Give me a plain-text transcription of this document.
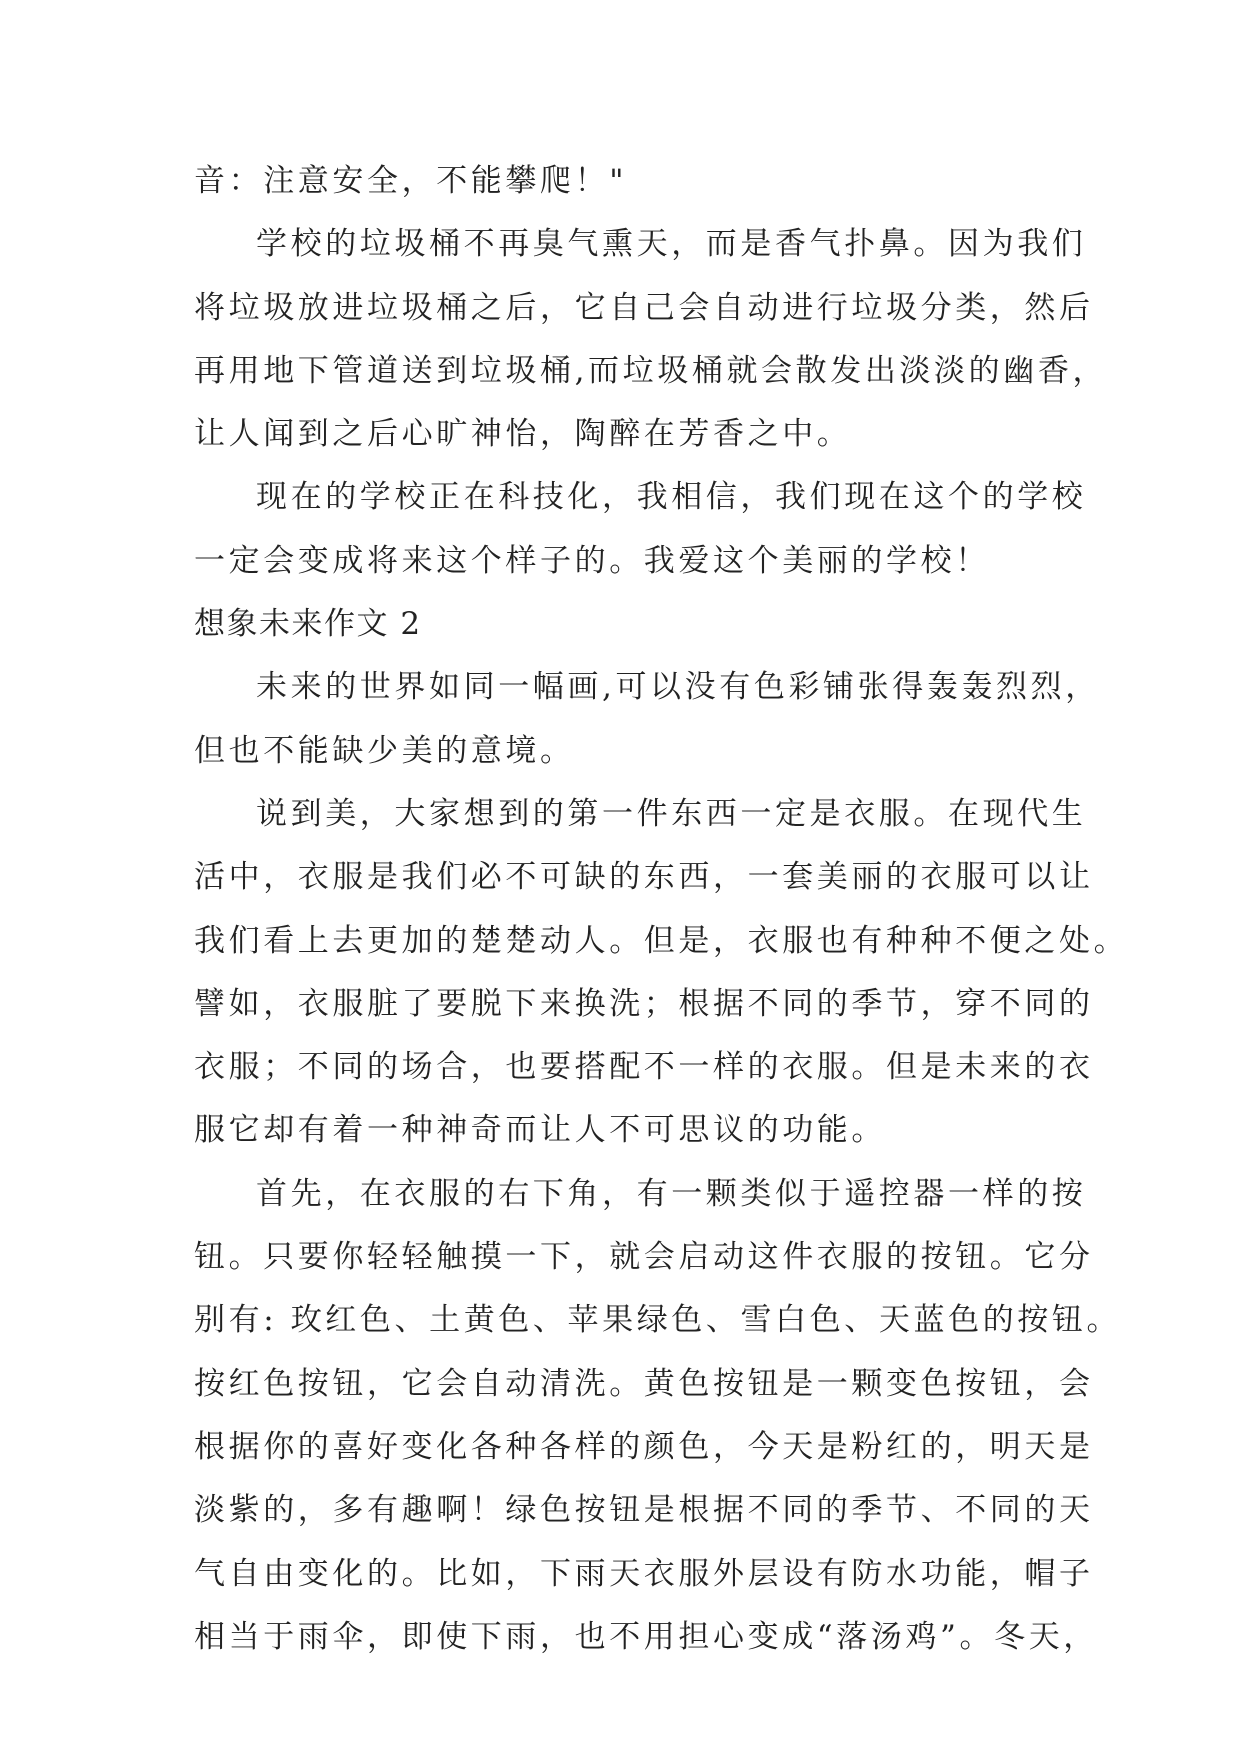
音：注意安全，不能攀爬！"
学校的垃圾桶不再臭气熏天，而是香气扑鼻。因为我们
将垃圾放进垃圾桶之后，它自己会自动进行垃圾分类，然后
再用地下管道送到垃圾桶,而垃圾桶就会散发出淡淡的幽香，
让人闻到之后心旷神怡，陶醉在芳香之中。
现在的学校正在科技化，我相信，我们现在这个的学校
一定会变成将来这个样子的。我爱这个美丽的学校！
想象未来作文 2
未来的世界如同一幅画,可以没有色彩铺张得轰轰烈烈，
但也不能缺少美的意境。
说到美，大家想到的第一件东西一定是衣服。在现代生
活中，衣服是我们必不可缺的东西，一套美丽的衣服可以让
我们看上去更加的楚楚动人。但是，衣服也有种种不便之处。
譬如，衣服脏了要脱下来换洗；根据不同的季节，穿不同的
衣服；不同的场合，也要搭配不一样的衣服。但是未来的衣
服它却有着一种神奇而让人不可思议的功能。
首先，在衣服的右下角，有一颗类似于遥控器一样的按
钮。只要你轻轻触摸一下，就会启动这件衣服的按钮。它分
别有: 玫红色、土黄色、苹果绿色、雪白色、天蓝色的按钮。
按红色按钮，它会自动清洗。黄色按钮是一颗变色按钮，会
根据你的喜好变化各种各样的颜色，今天是粉红的，明天是
淡紫的，多有趣啊！绿色按钮是根据不同的季节、不同的天
气自由变化的。比如，下雨天衣服外层设有防水功能，帽子
相当于雨伞，即使下雨，也不用担心变成“落汤鸡”。冬天，
